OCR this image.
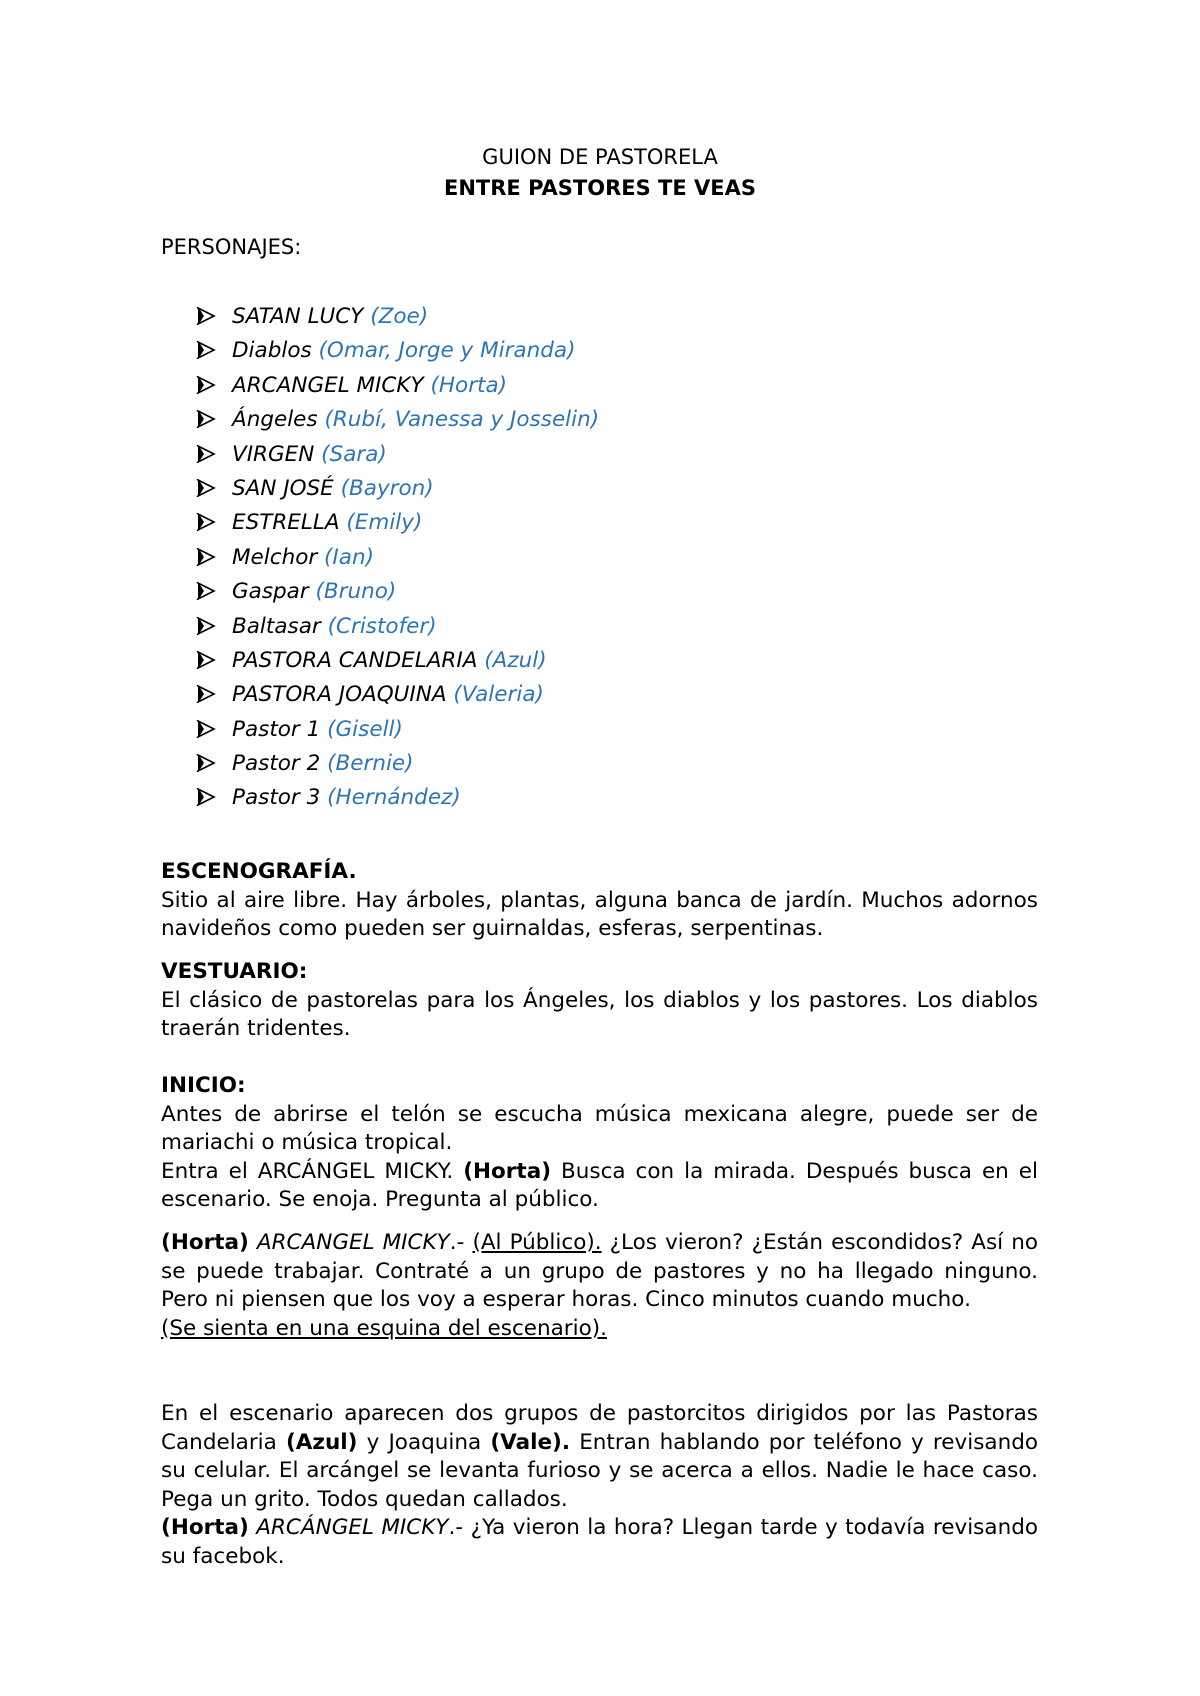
GUION DE PASTORELA
ENTRE PASTORES TE VEAS
PERSONAJES:
SATAN LUCY (Zoe)
Diablos (Omar, Jorge y Miranda)
ARCANGEL MICKY (Horta)
Ángeles (Rubí, Vanessa y Josselin)
VIRGEN (Sara)
SAN JOSÉ (Bayron)
ESTRELLA (Emily)
Melchor (Ian)
Gaspar (Bruno)
Baltasar (Cristofer)
PASTORA CANDELARIA (Azul)
PASTORA JOAQUINA (Valeria)
Pastor 1 (Gisell)
Pastor 2 (Bernie)
Pastor 3 (Hernández)

ESCENOGRAFÍA.

Sitio al aire libre. Hay árboles, plantas, alguna banca de jardín. Muchos adornos navideños como pueden ser guirnaldas, esferas, serpentinas.

VESTUARIO:

El clásico de pastorelas para los Ángeles, los diablos y los pastores. Los diablos traerán tridentes.

INICIO:

Antes de abrirse el telón se escucha música mexicana alegre, puede ser de mariachi o música tropical.

Entra el ARCÁNGEL MICKY. (Horta) Busca con la mirada. Después busca en el escenario. Se enoja. Pregunta al público.

(Horta) ARCANGEL MICKY.- (Al Público). ¿Los vieron? ¿Están escondidos? Así no se puede trabajar. Contraté a un grupo de pastores y no ha llegado ninguno. Pero ni piensen que los voy a esperar horas. Cinco minutos cuando mucho.

(Se sienta en una esquina del escenario).

En el escenario aparecen dos grupos de pastorcitos dirigidos por las Pastoras Candelaria (Azul) y Joaquina (Vale). Entran hablando por teléfono y revisando su celular. El arcángel se levanta furioso y se acerca a ellos. Nadie le hace caso. Pega un grito. Todos quedan callados.

(Horta) ARCÁNGEL MICKY.- ¿Ya vieron la hora? Llegan tarde y todavía revisando su facebok.
